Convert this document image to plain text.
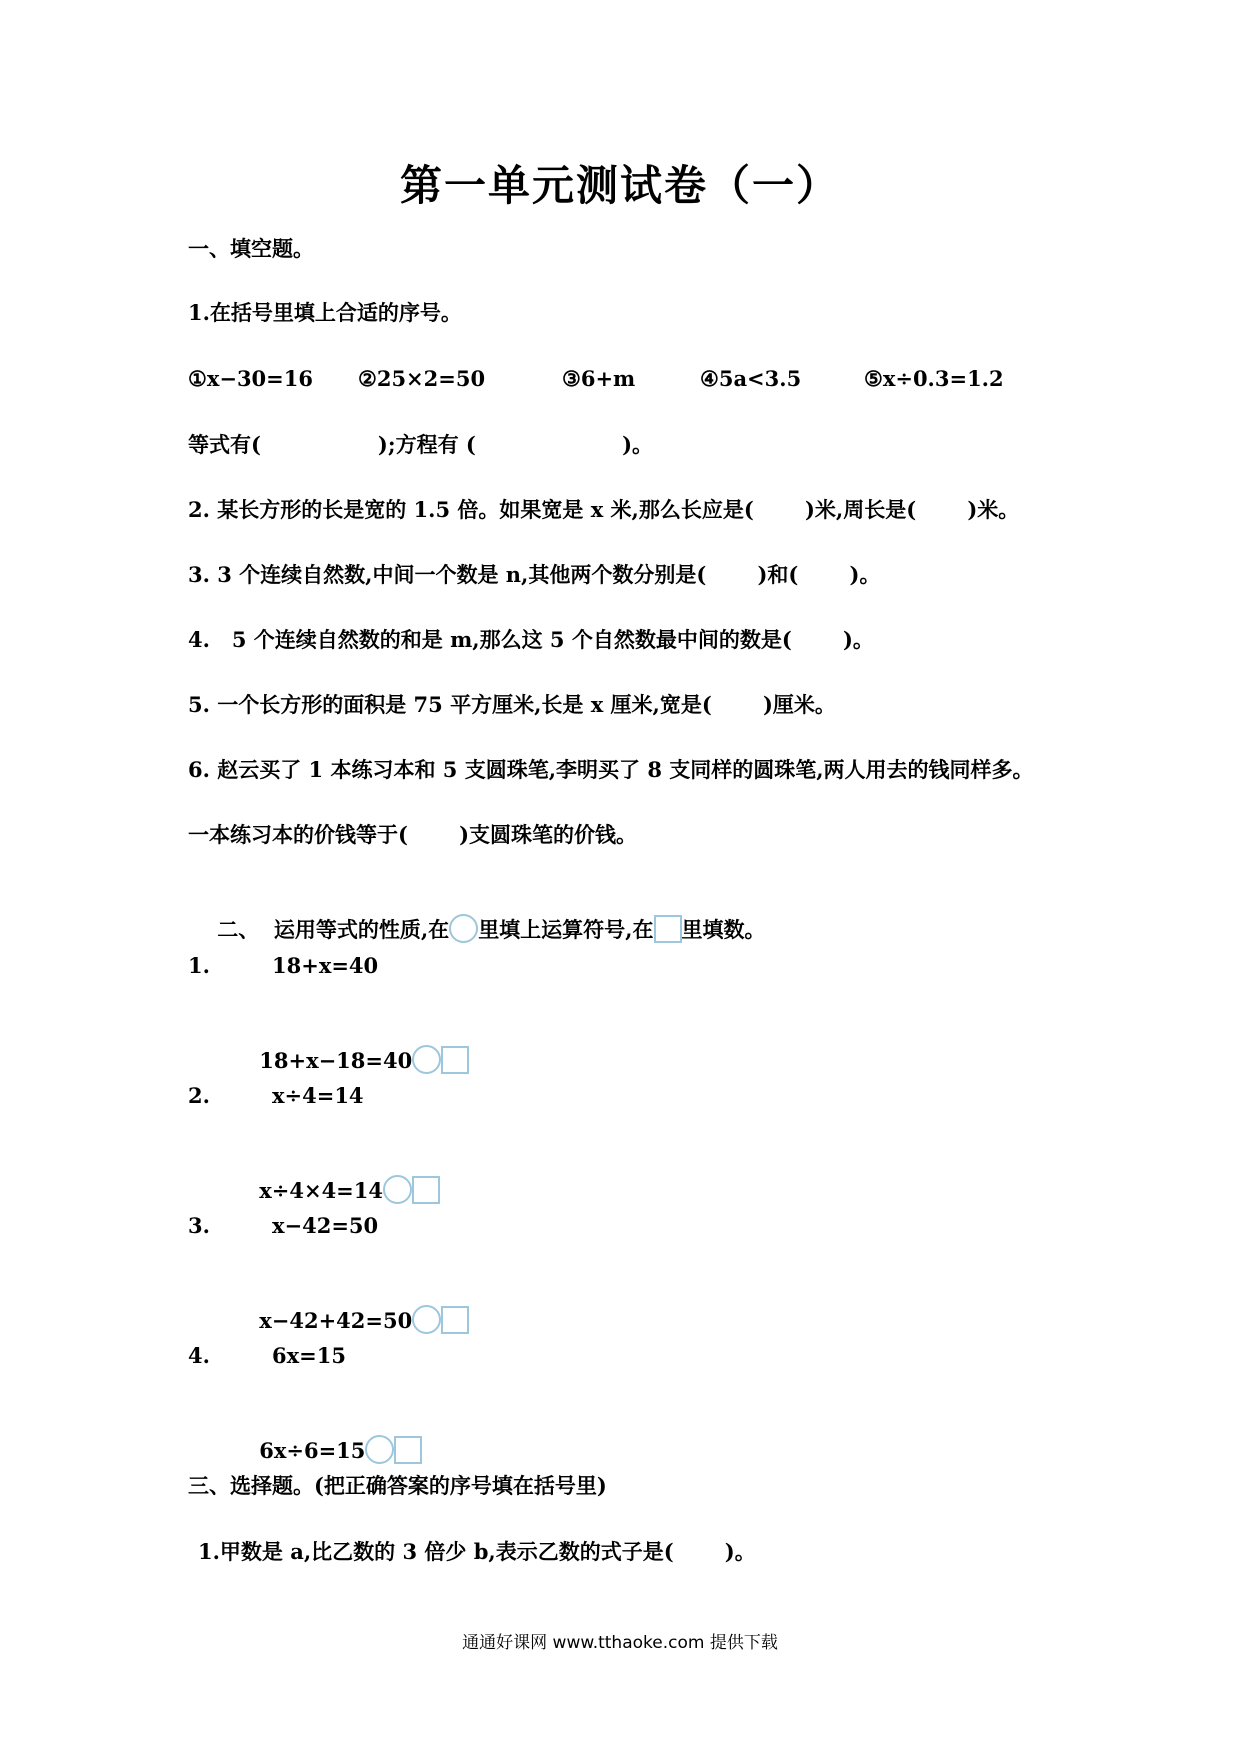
第一单元测试卷（一）
一、填空题。
1.在括号里填上合适的序号。
①x−30=16 ②25×2=50	③6+m	④5a<3.5	⑤x÷0.3=1.2
等式有(                );方程有 (                    )。
2. 某长方形的长是宽的 1.5 倍。如果宽是 x 米,那么长应是(       )米,周长是(       )米。
3. 3 个连续自然数,中间一个数是 n,其他两个数分别是(       )和(       )。
4.   5 个连续自然数的和是 m,那么这 5 个自然数最中间的数是(       )。
5. 一个长方形的面积是 75 平方厘米,长是 x 厘米,宽是(       )厘米。
6. 赵云买了 1 本练习本和 5 支圆珠笔,李明买了 8 支同样的圆珠笔,两人用去的钱同样多。
一本练习本的价钱等于(       )支圆珠笔的价钱。

二、  运用等式的性质,在 里填上运算符号,在 里填数。

1.	18+x=40

18+x−18=40

2.	x÷4=14

x÷4×4=14

3.	x−42=50

x−42+42=50

4.	6x=15

6x÷6=15

三、选择题。(把正确答案的序号填在括号里)
1.甲数是 a,比乙数的 3 倍少 b,表示乙数的式子是(       )。
通通好课网 www.tthaoke.com 提供下载
